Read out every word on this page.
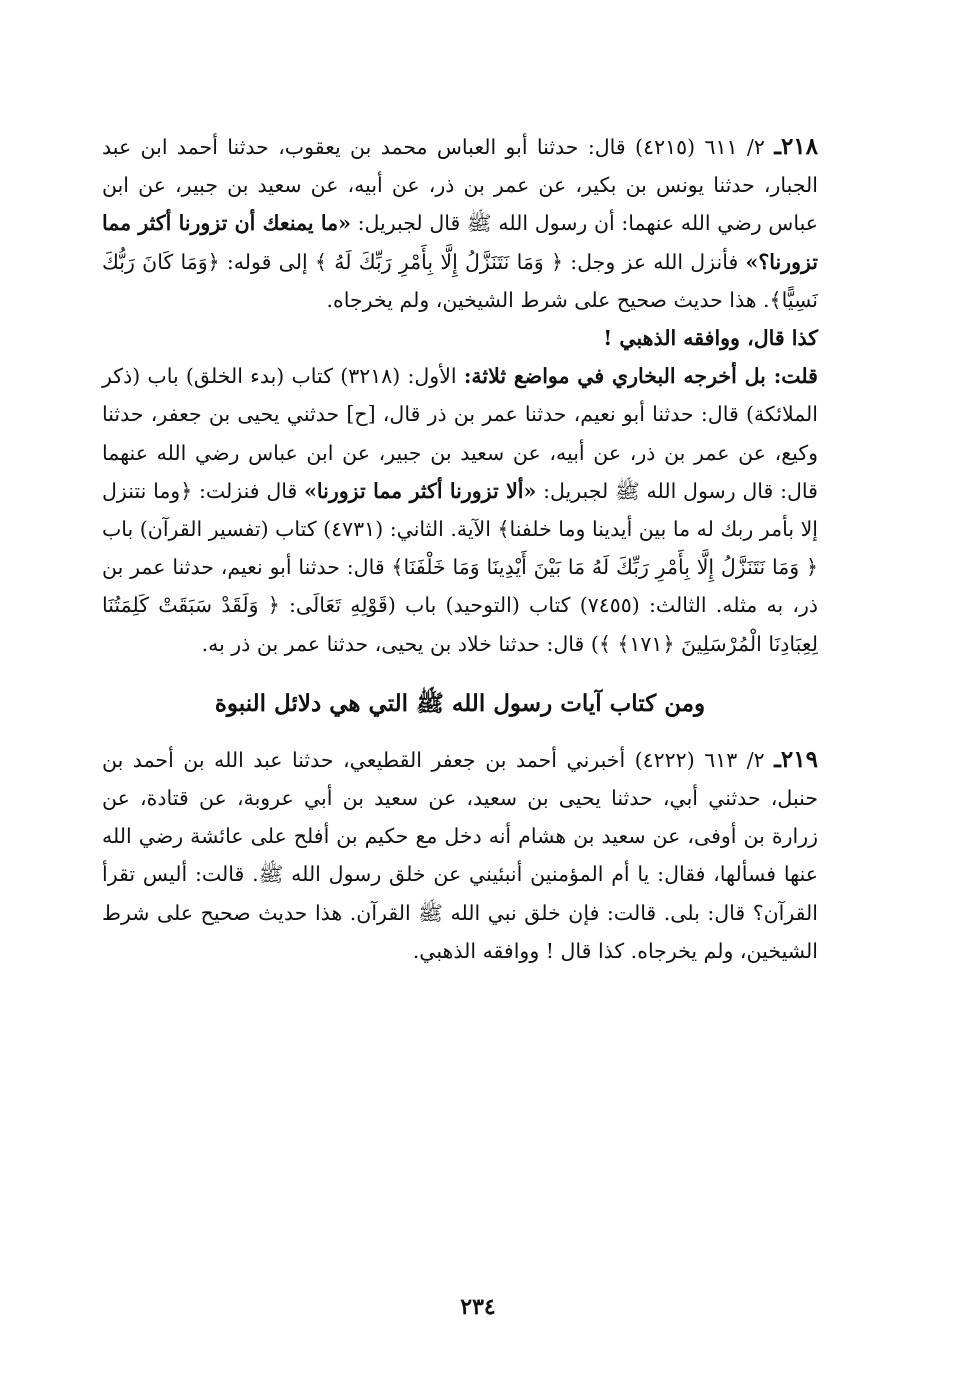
٢١٨ـ ٢/ ٦١١ (٤٢١٥) قال: حدثنا أبو العباس محمد بن يعقوب، حدثنا أحمد ابن عبد الجبار، حدثنا يونس بن بكير، عن عمر بن ذر، عن أبيه، عن سعيد بن جبير، عن ابن عباس رضي الله عنهما: أن رسول الله ﷺ قال لجبريل: «ما يمنعك أن تزورنا أكثر مما تزورنا؟» فأنزل الله عز وجل: ﴿ وَمَا نَتَنَزَّلُ إِلَّا بِأَمْرِ رَبِّكَ لَهُ ﴾ إلى قوله: ﴿وَمَا كَانَ رَبُّكَ نَسِيًّا﴾. هذا حديث صحيح على شرط الشيخين، ولم يخرجاه.

كذا قال، ووافقه الذهبي !

قلت: بل أخرجه البخاري في مواضع ثلاثة: الأول: (٣٢١٨) كتاب (بدء الخلق) باب (ذكر الملائكة) قال: حدثنا أبو نعيم، حدثنا عمر بن ذر قال، [ح] حدثني يحيى بن جعفر، حدثنا وكيع، عن عمر بن ذر، عن أبيه، عن سعيد بن جبير، عن ابن عباس رضي الله عنهما قال: قال رسول الله ﷺ لجبريل: «ألا تزورنا أكثر مما تزورنا» قال فنزلت: ﴿وما نتنزل إلا بأمر ربك له ما بين أيدينا وما خلفنا﴾ الآية. الثاني: (٤٧٣١) كتاب (تفسير القرآن) باب ﴿ وَمَا نَتَنَزَّلُ إِلَّا بِأَمْرِ رَبِّكَ لَهُ مَا بَيْنَ أَيْدِينَا وَمَا خَلْفَنَا﴾ قال: حدثنا أبو نعيم، حدثنا عمر بن ذر، به مثله. الثالث: (٧٤٥٥) كتاب (التوحيد) باب (قَوْلِهِ تَعَالَى: ﴿ وَلَقَدْ سَبَقَتْ كَلِمَتُنَا لِعِبَادِنَا الْمُرْسَلِينَ ﴿١٧١﴾ ﴾) قال: حدثنا خلاد بن يحيى، حدثنا عمر بن ذر به.

ومن كتاب آيات رسول الله ﷺ التي هي دلائل النبوة

٢١٩ـ ٢/ ٦١٣ (٤٢٢٢) أخبرني أحمد بن جعفر القطيعي، حدثنا عبد الله بن أحمد بن حنبل، حدثني أبي، حدثنا يحيى بن سعيد، عن سعيد بن أبي عروبة، عن قتادة، عن زرارة بن أوفى، عن سعيد بن هشام أنه دخل مع حكيم بن أفلح على عائشة رضي الله عنها فسألها، فقال: يا أم المؤمنين أنبئيني عن خلق رسول الله ﷺ. قالت: أليس تقرأ القرآن؟ قال: بلى. قالت: فإن خلق نبي الله ﷺ القرآن. هذا حديث صحيح على شرط الشيخين، ولم يخرجاه. كذا قال ! ووافقه الذهبي.

٢٣٤
